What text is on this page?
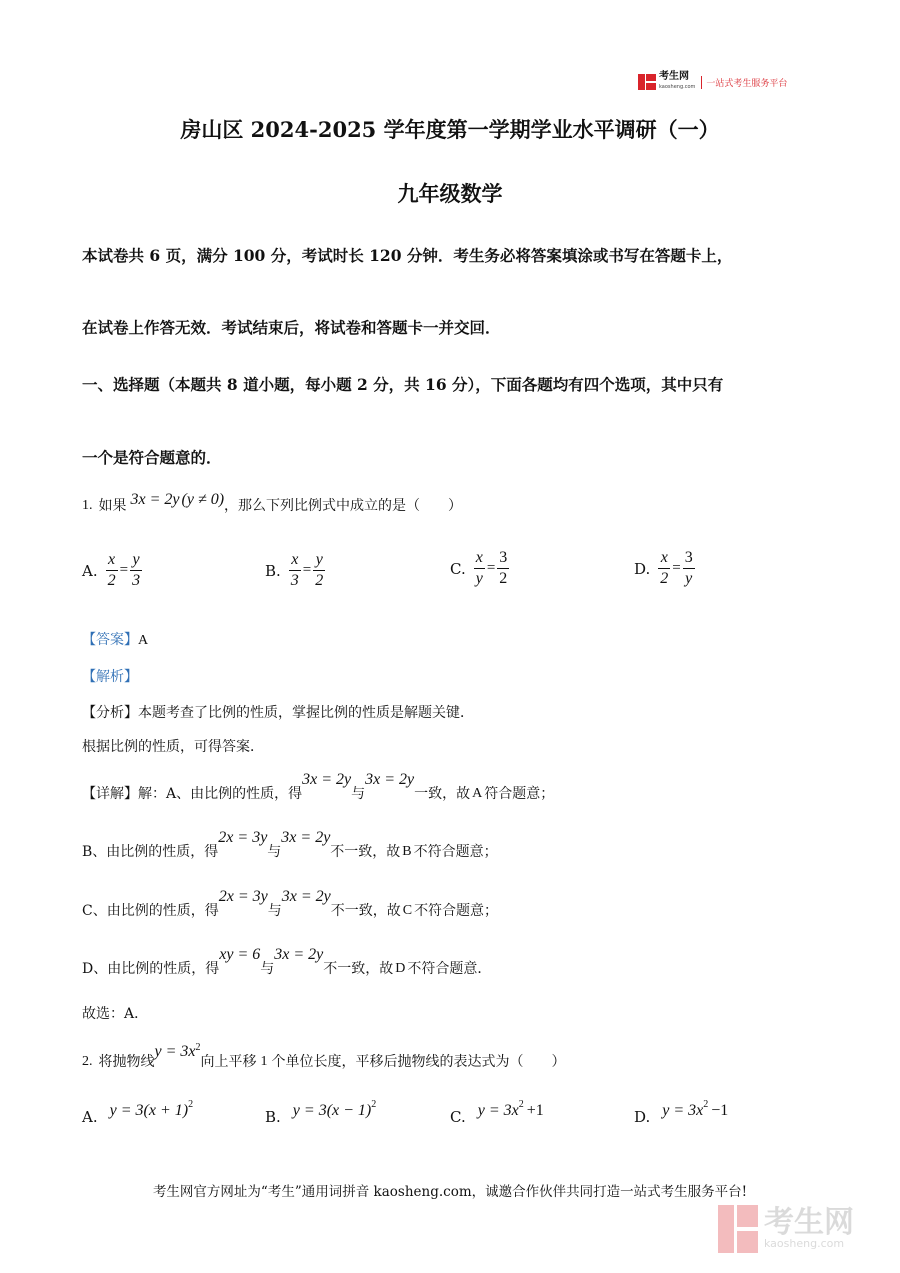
考生网
kaosheng.com	一站式考生服务平台
房山区 2024-2025 学年度第一学期学业水平调研（一）
九年级数学
本试卷共 6 页，满分 100 分，考试时长 120 分钟．考生务必将答案填涂或书写在答题卡上，
在试卷上作答无效．考试结束后，将试卷和答题卡一并交回．
一、选择题（本题共 8 道小题，每小题 2 分，共 16 分），下面各题均有四个选项，其中只有
一个是符合题意的．
1. 如果 3x = 2y (y ≠ 0) ，那么下列比例式中成立的是（　　）
A. $\frac{x}{2} = \frac{y}{3}$	B. $\frac{x}{3} = \frac{y}{2}$	C. $\frac{x}{y} = \frac{3}{2}$	D. $\frac{x}{2} = \frac{3}{y}$
【答案】A
【解析】
【分析】本题考查了比例的性质，掌握比例的性质是解题关键．
根据比例的性质，可得答案．
【详解】 解：A、由比例的性质，得
3x = 2y
与
3x = 2y
一致，故 A 符合题意；
B、由比例的性质，得
2x = 3y
与
3x = 2y
不一致，故 B 不符合题意；
C、由比例的性质，得
2x = 3y
与
3x = 2y
不一致，故 C 不符合题意；
D、由比例的性质，得
xy = 6
与
3x = 2y
不一致，故 D 不符合题意．
故选：A．
2. 将抛物线
$y = 3x^2$
向上平移 1 个单位长度，平移后抛物线的表达式为（　　）
A. y = 3 $(x + 1)^2$
B. y = 3 $(x - 1)^2$
C. $y = 3x^2 +1$	D. $y = 3x^2 -1$
考生网官方网址为“考生”通用词拼音 kaosheng.com，诚邀合作伙伴共同打造一站式考生服务平台!
考生网
kaosheng.com
